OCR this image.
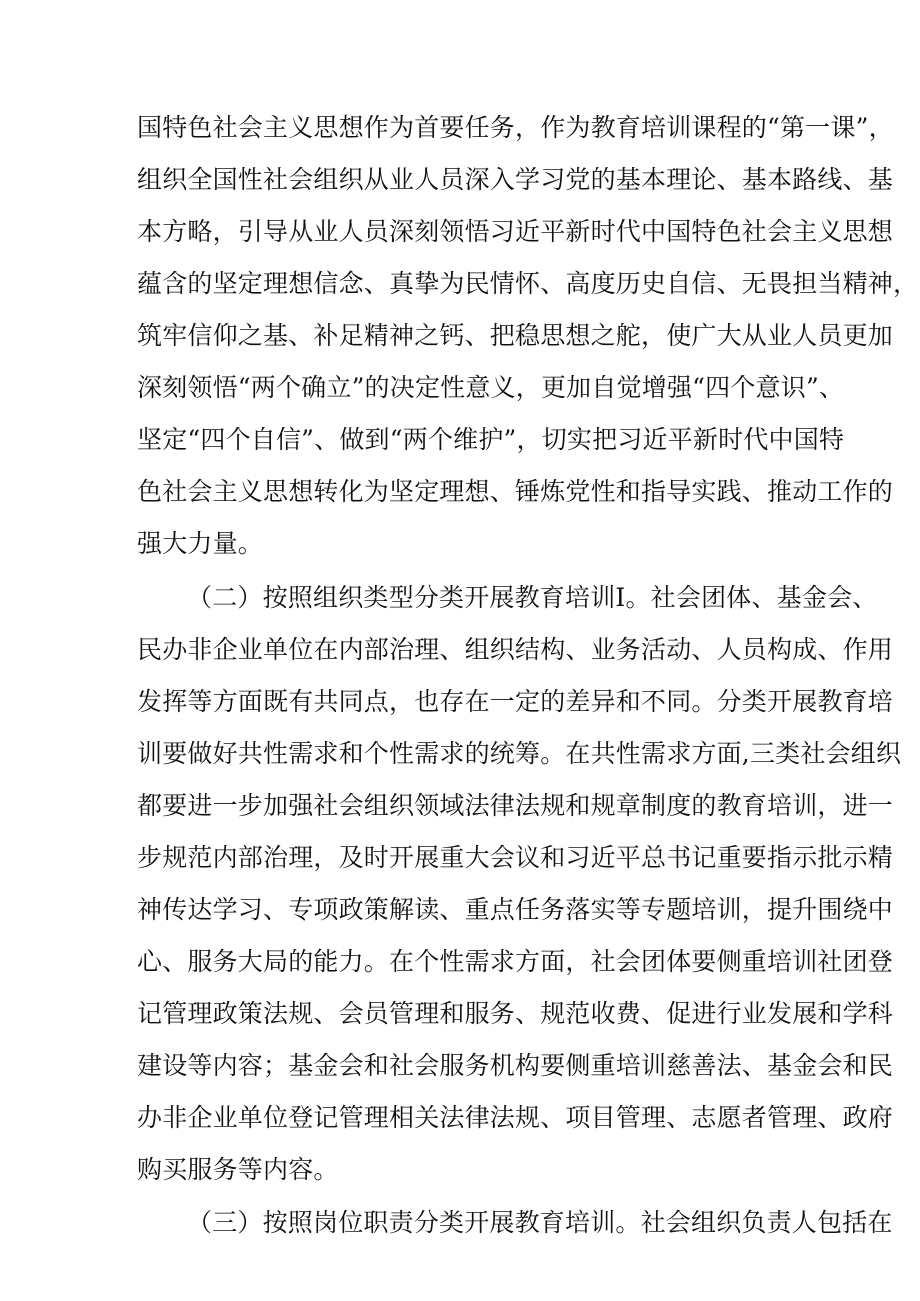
国特色社会主义思想作为首要任务，作为教育培训课程的“第一课”，
组织全国性社会组织从业人员深入学习党的基本理论、基本路线、基
本方略，引导从业人员深刻领悟习近平新时代中国特色社会主义思想
蕴含的坚定理想信念、真挚为民情怀、高度历史自信、无畏担当精神，
筑牢信仰之基、补足精神之钙、把稳思想之舵，使广大从业人员更加
深刻领悟“两个确立”的决定性意义，更加自觉增强“四个意识”、
坚定“四个自信”、做到“两个维护”，切实把习近平新时代中国特
色社会主义思想转化为坚定理想、锤炼党性和指导实践、推动工作的
强大力量。
（二）按照组织类型分类开展教育培训I。社会团体、基金会、
民办非企业单位在内部治理、组织结构、业务活动、人员构成、作用
发挥等方面既有共同点，也存在一定的差异和不同。分类开展教育培
训要做好共性需求和个性需求的统筹。在共性需求方面,三类社会组织
都要进一步加强社会组织领域法律法规和规章制度的教育培训，进一
步规范内部治理，及时开展重大会议和习近平总书记重要指示批示精
神传达学习、专项政策解读、重点任务落实等专题培训，提升围绕中
心、服务大局的能力。在个性需求方面，社会团体要侧重培训社团登
记管理政策法规、会员管理和服务、规范收费、促进行业发展和学科
建设等内容；基金会和社会服务机构要侧重培训慈善法、基金会和民
办非企业单位登记管理相关法律法规、项目管理、志愿者管理、政府
购买服务等内容。
（三）按照岗位职责分类开展教育培训。社会组织负责人包括在
